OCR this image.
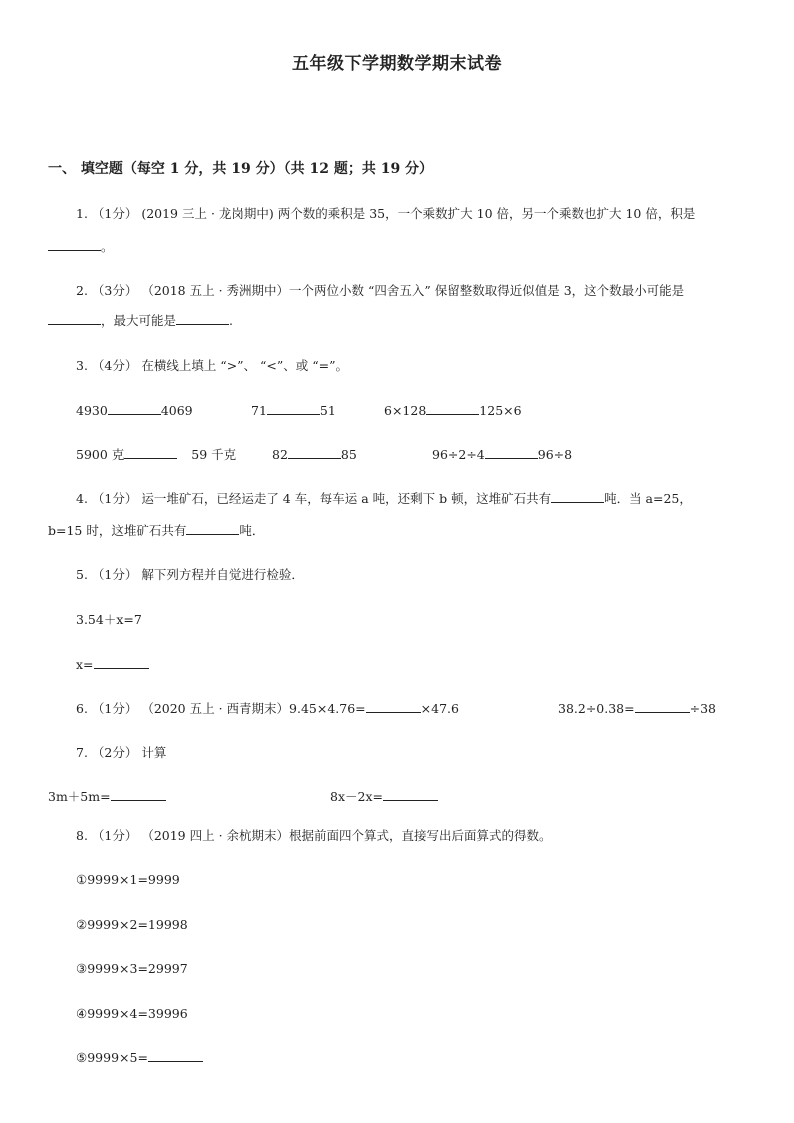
五年级下学期数学期末试卷
一、 填空题（每空 1 分，共 19 分）（共 12 题；共 19 分）
1. （1分） (2019 三上 · 龙岗期中) 两个数的乘积是 35，一个乘数扩大 10 倍，另一个乘数也扩大 10 倍，积是
。
2. （3分） （2018 五上 · 秀洲期中）一个两位小数 “四舍五入” 保留整数取得近似值是 3，这个数最小可能是
，最大可能是	.
3. （4分） 在横线上填上 “>”、 “<”、或 “=”。
4930	4069	71	51	6×128	125×6
5900 克	59 千克	82	85	96÷2÷4	96÷8
4. （1分） 运一堆矿石，已经运走了 4 车，每车运 a 吨，还剩下 b 顿，这堆矿石共有	吨．当 a=25，
b=15 时，这堆矿石共有	吨．
5. （1分） 解下列方程并自觉进行检验．
3.54＋x=7
x=
6. （1分） （2020 五上 · 西青期末）9.45×4.76=	×47.6	38.2÷0.38=	÷38
7. （2分） 计算
3m＋5m=	8x－2x=
8. （1分） （2019 四上 · 余杭期末）根据前面四个算式，直接写出后面算式的得数。
①9999×1=9999
②9999×2=19998
③9999×3=29997
④9999×4=39996
⑤9999×5=
